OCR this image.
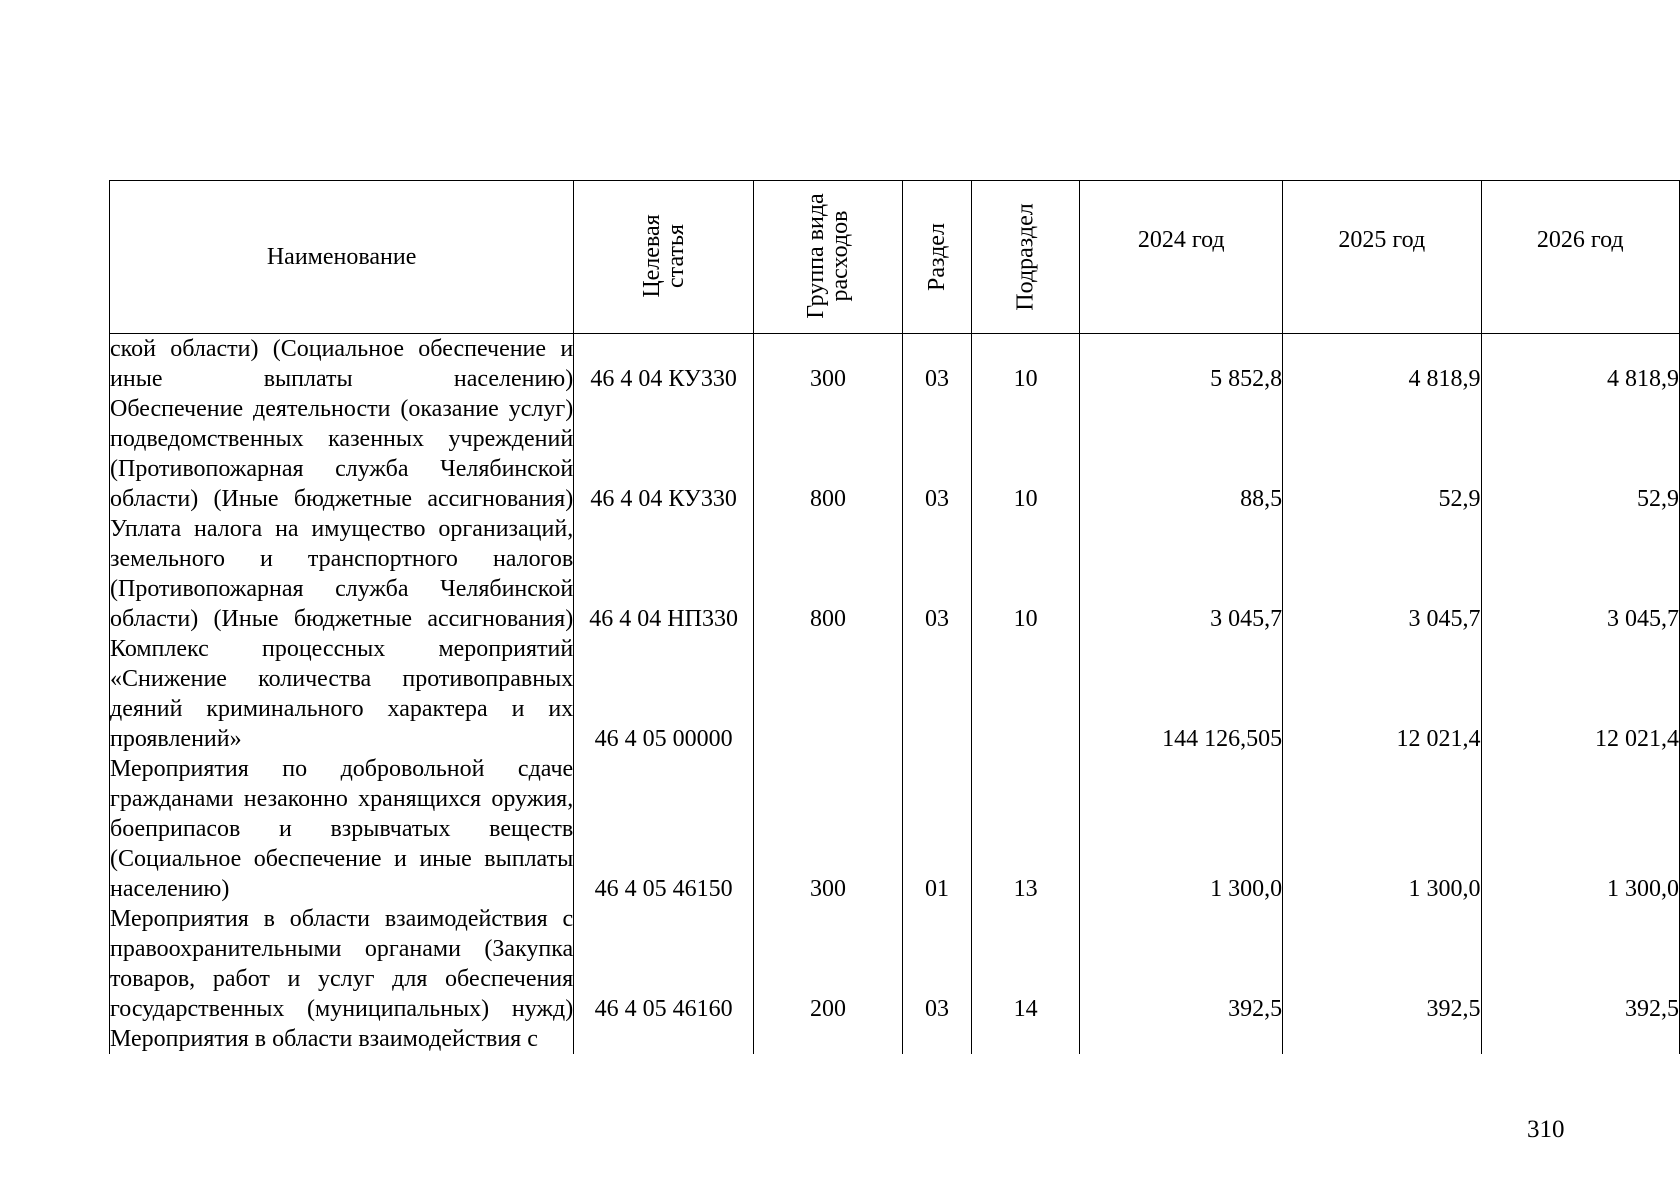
Наименование	Целевая статья	Группа вида расходов	Раздел	Подраздел	2024 год	2025 год	2026 год
ской области) (Социальное обеспечение и иные выплаты населению)	46 4 04 КУ330	300	03	10	5 852,8	4 818,9	4 818,9
Обеспечение деятельности (оказание услуг) подведомственных казенных учреждений (Противопожарная служба Челябинской области) (Иные бюджетные ассигнования)	46 4 04 КУ330	800	03	10	88,5	52,9	52,9
Уплата налога на имущество организаций, земельного и транспортного налогов (Противопожарная служба Челябинской области) (Иные бюджетные ассигнования)	46 4 04 НП330	800	03	10	3 045,7	3 045,7	3 045,7
Комплекс процессных мероприятий «Снижение количества противоправных деяний криминального характера и их проявлений»	46 4 05 00000				144 126,505	12 021,4	12 021,4
Мероприятия по добровольной сдаче гражданами незаконно хранящихся оружия, боеприпасов и взрывчатых веществ (Социальное обеспечение и иные выплаты населению)	46 4 05 46150	300	01	13	1 300,0	1 300,0	1 300,0
Мероприятия в области взаимодействия с правоохранительными органами (Закупка товаров, работ и услуг для обеспечения государственных (муниципальных) нужд)	46 4 05 46160	200	03	14	392,5	392,5	392,5
Мероприятия в области взаимодействия с							
310
